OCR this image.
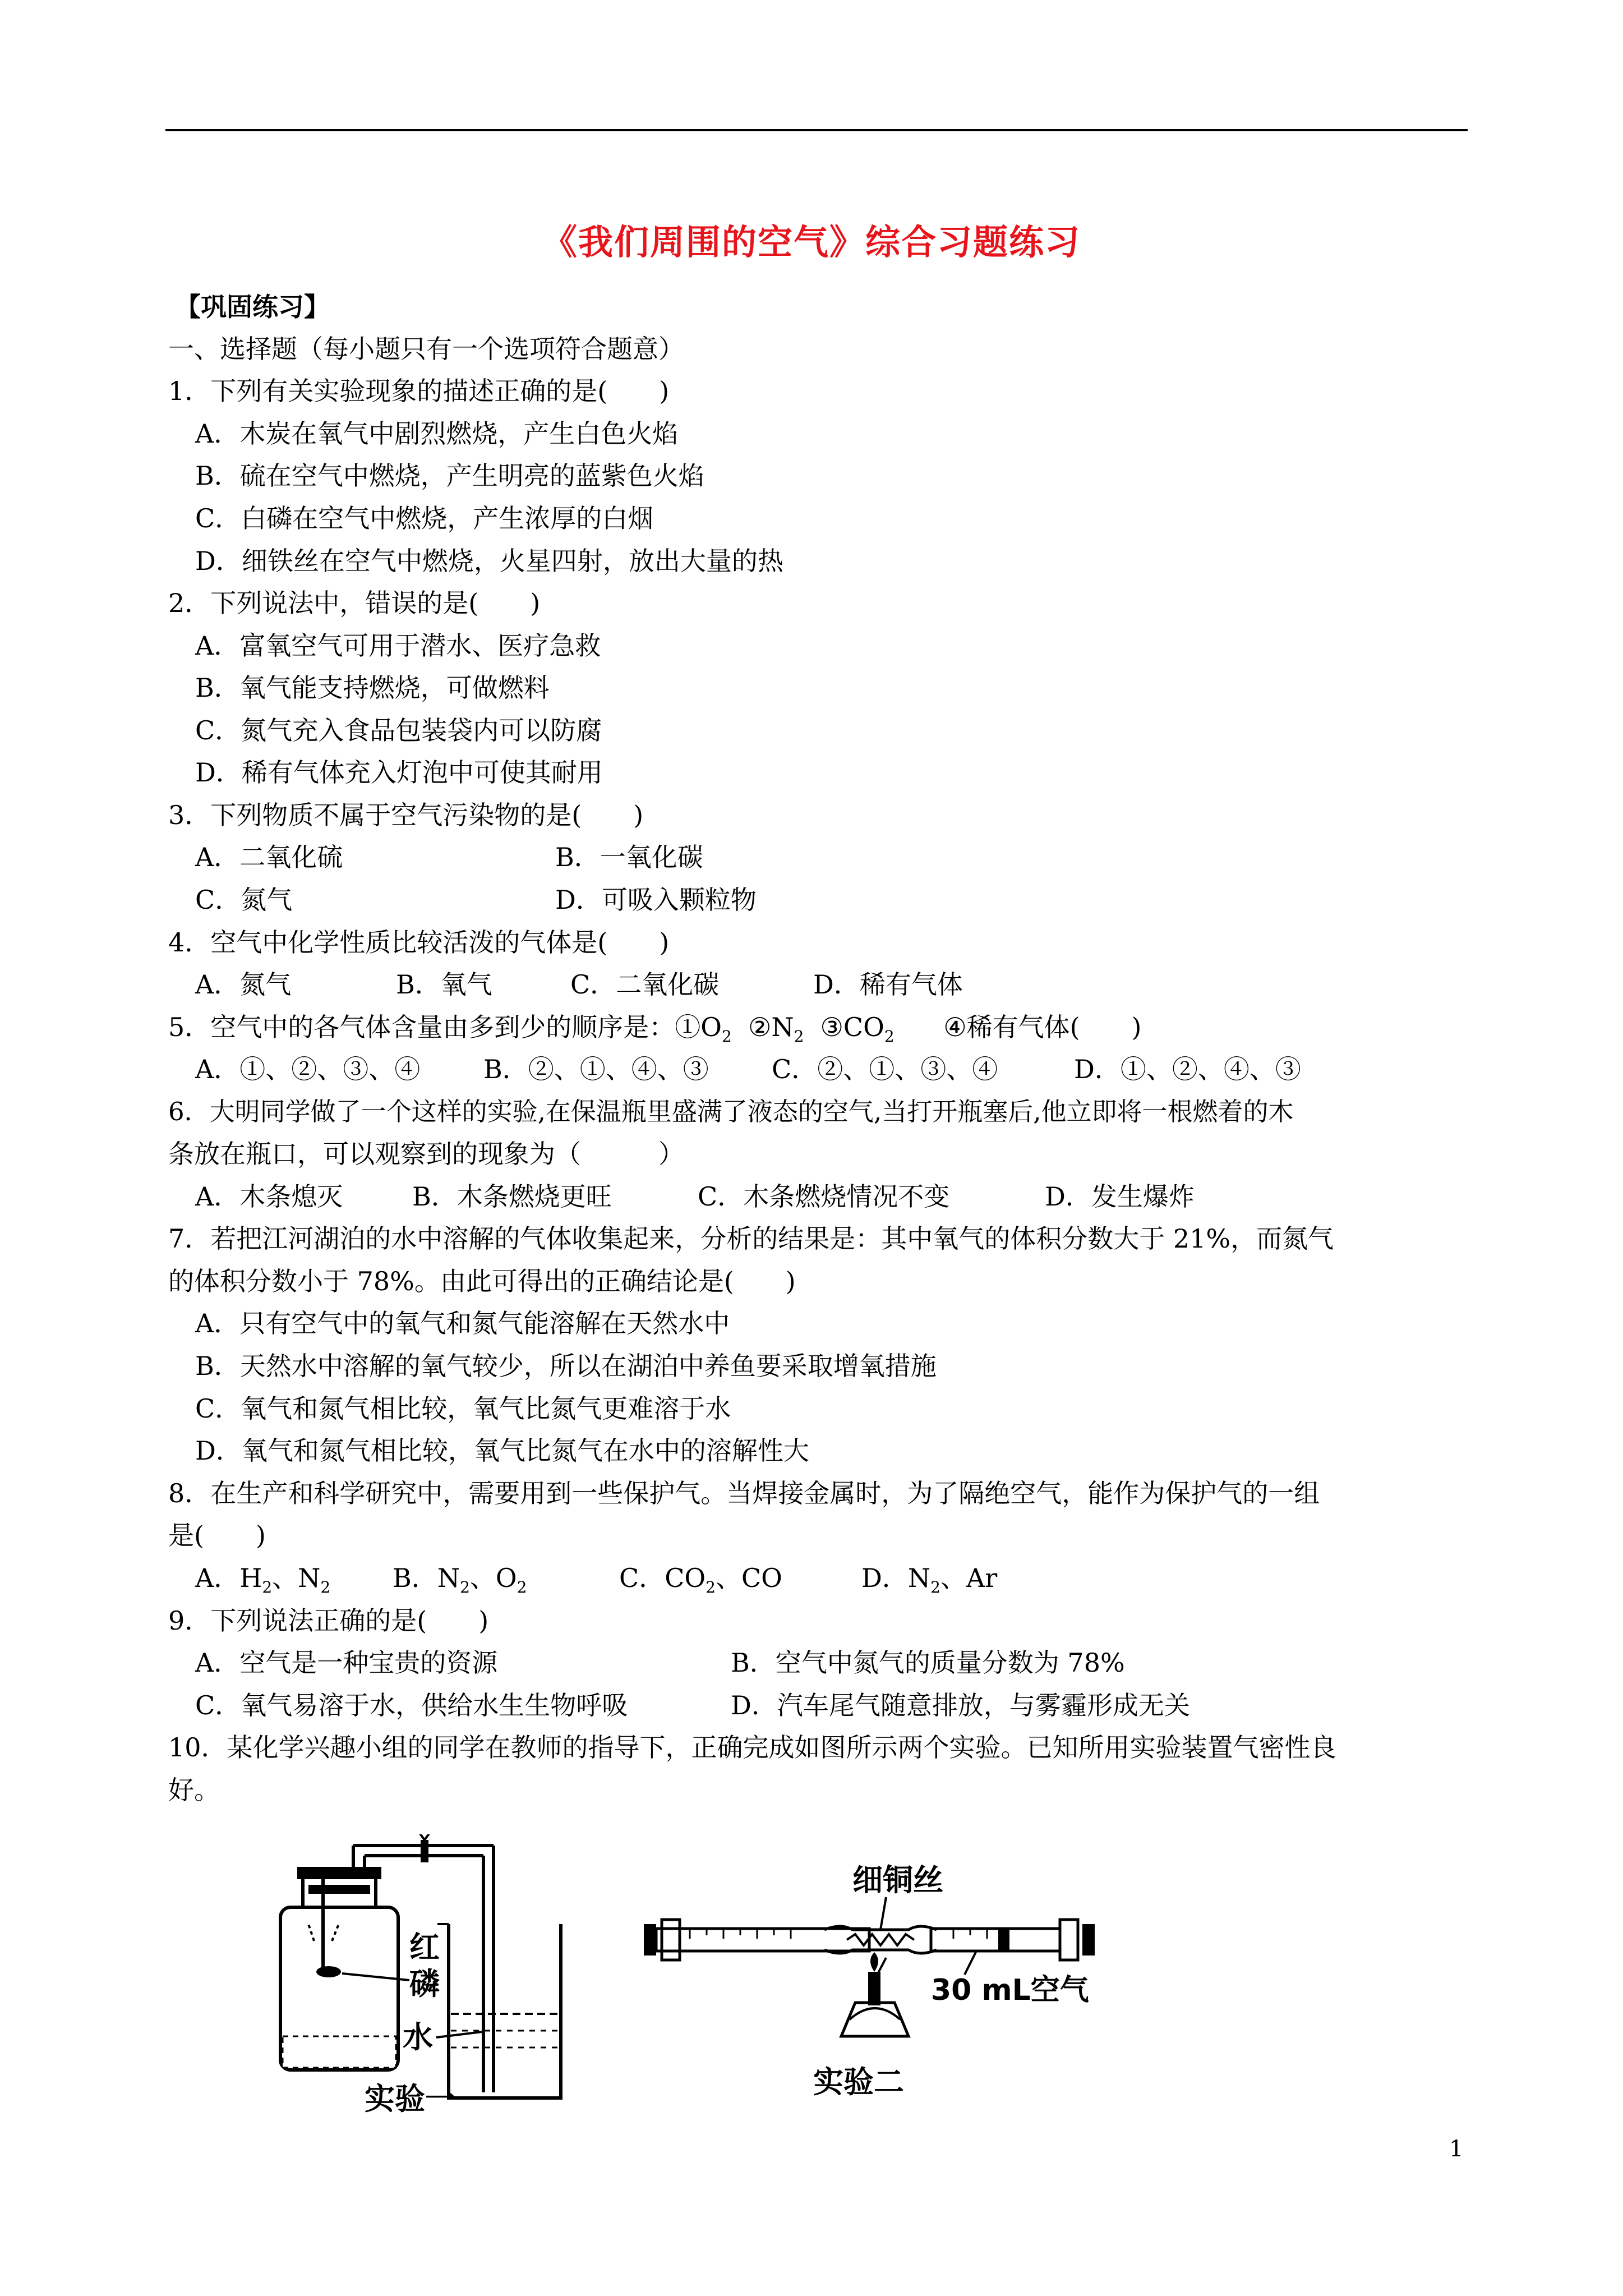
《我们周围的空气》综合习题练习
【巩固练习】
一、选择题（每小题只有一个选项符合题意）
1．下列有关实验现象的描述正确的是(　　)
A．木炭在氧气中剧烈燃烧，产生白色火焰
B．硫在空气中燃烧，产生明亮的蓝紫色火焰
C．白磷在空气中燃烧，产生浓厚的白烟
D．细铁丝在空气中燃烧，火星四射，放出大量的热
2．下列说法中，错误的是(　　)
A．富氧空气可用于潜水、医疗急救
B．氧气能支持燃烧，可做燃料
C．氮气充入食品包装袋内可以防腐
D．稀有气体充入灯泡中可使其耐用
3．下列物质不属于空气污染物的是(　　)
A．二氧化硫	B．一氧化碳
C．氮气	D．可吸入颗粒物
4．空气中化学性质比较活泼的气体是(　　)
A．氮气	B．氧气	C．二氧化碳	D．稀有气体
5．空气中的各气体含量由多到少的顺序是：$①O_2$ $②N_2$ $③CO_2$ ④稀有气体(　　)
A．①、②、③、④ B．②、①、④、③ C．②、①、③、④	D．①、②、④、③
6．大明同学做了一个这样的实验,在保温瓶里盛满了液态的空气,当打开瓶塞后,他立即将一根燃着的木
条放在瓶口，可以观察到的现象为（　　　）
A．木条熄灭	B．木条燃烧更旺	C．木条燃烧情况不变	D．发生爆炸
7．若把江河湖泊的水中溶解的气体收集起来，分析的结果是：其中氧气的体积分数大于 21%，而氮气
的体积分数小于 78%。由此可得出的正确结论是(　　)
A．只有空气中的氧气和氮气能溶解在天然水中
B．天然水中溶解的氧气较少，所以在湖泊中养鱼要采取增氧措施
C．氧气和氮气相比较，氧气比氮气更难溶于水
D．氧气和氮气相比较，氧气比氮气在水中的溶解性大
8．在生产和科学研究中，需要用到一些保护气。当焊接金属时，为了隔绝空气，能作为保护气的一组
是(　　)
A．$H_2$、$N_2$ B．$N_2$、$O_2$	C．$CO_2$、CO	D．$N_2$、Ar
9．下列说法正确的是(　　)
A．空气是一种宝贵的资源	B．空气中氮气的质量分数为 78%
C．氧气易溶于水，供给水生生物呼吸	D．汽车尾气随意排放，与雾霾形成无关
10．某化学兴趣小组的同学在教师的指导下，正确完成如图所示两个实验。已知所用实验装置气密性良
好。
红
磷
水
实验一
细铜丝
30 mL空气
实验二
1
